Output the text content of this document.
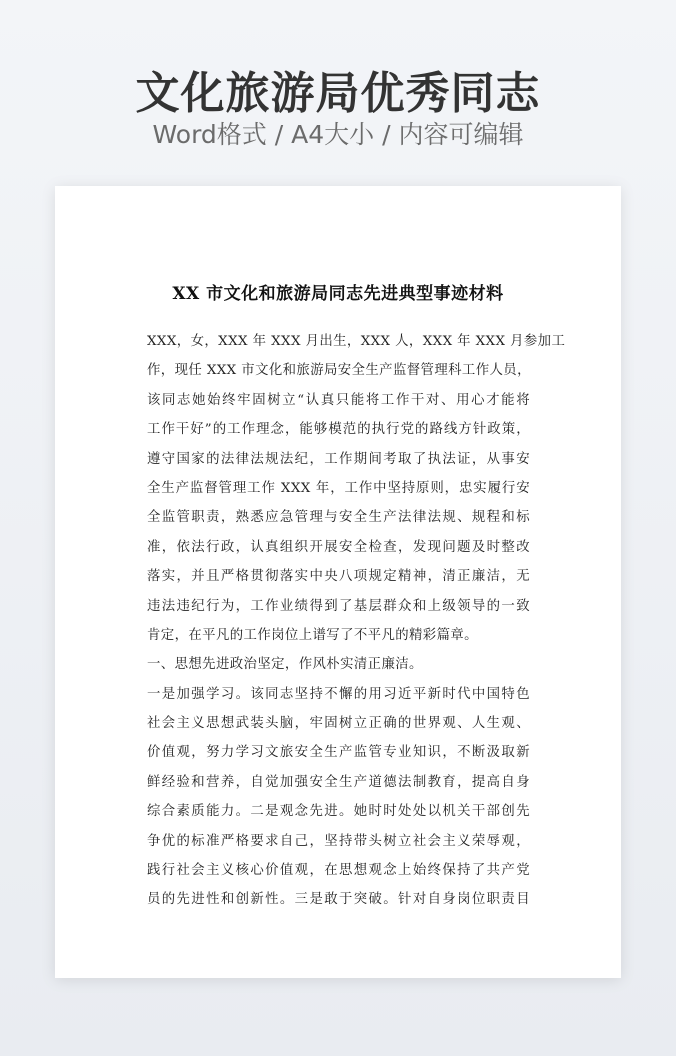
文化旅游局优秀同志
Word格式 / A4大小 / 内容可编辑
XX 市文化和旅游局同志先进典型事迹材料
XXX，女，XXX 年 XXX 月出生，XXX 人，XXX 年 XXX 月参加工
作，现任 XXX 市文化和旅游局安全生产监督管理科工作人员，
该同志她始终牢固树立“认真只能将工作干对、用心才能将
工作干好”的工作理念，能够模范的执行党的路线方针政策，
遵守国家的法律法规法纪，工作期间考取了执法证，从事安
全生产监督管理工作 XXX 年，工作中坚持原则，忠实履行安
全监管职责，熟悉应急管理与安全生产法律法规、规程和标
准，依法行政，认真组织开展安全检查，发现问题及时整改
落实，并且严格贯彻落实中央八项规定精神，清正廉洁，无
违法违纪行为，工作业绩得到了基层群众和上级领导的一致
肯定，在平凡的工作岗位上谱写了不平凡的精彩篇章。
一、思想先进政治坚定，作风朴实清正廉洁。
一是加强学习。该同志坚持不懈的用习近平新时代中国特色
社会主义思想武装头脑，牢固树立正确的世界观、人生观、
价值观，努力学习文旅安全生产监管专业知识，不断汲取新
鲜经验和营养，自觉加强安全生产道德法制教育，提高自身
综合素质能力。二是观念先进。她时时处处以机关干部创先
争优的标准严格要求自己，坚持带头树立社会主义荣辱观，
践行社会主义核心价值观，在思想观念上始终保持了共产党
员的先进性和创新性。三是敢于突破。针对自身岗位职责目
